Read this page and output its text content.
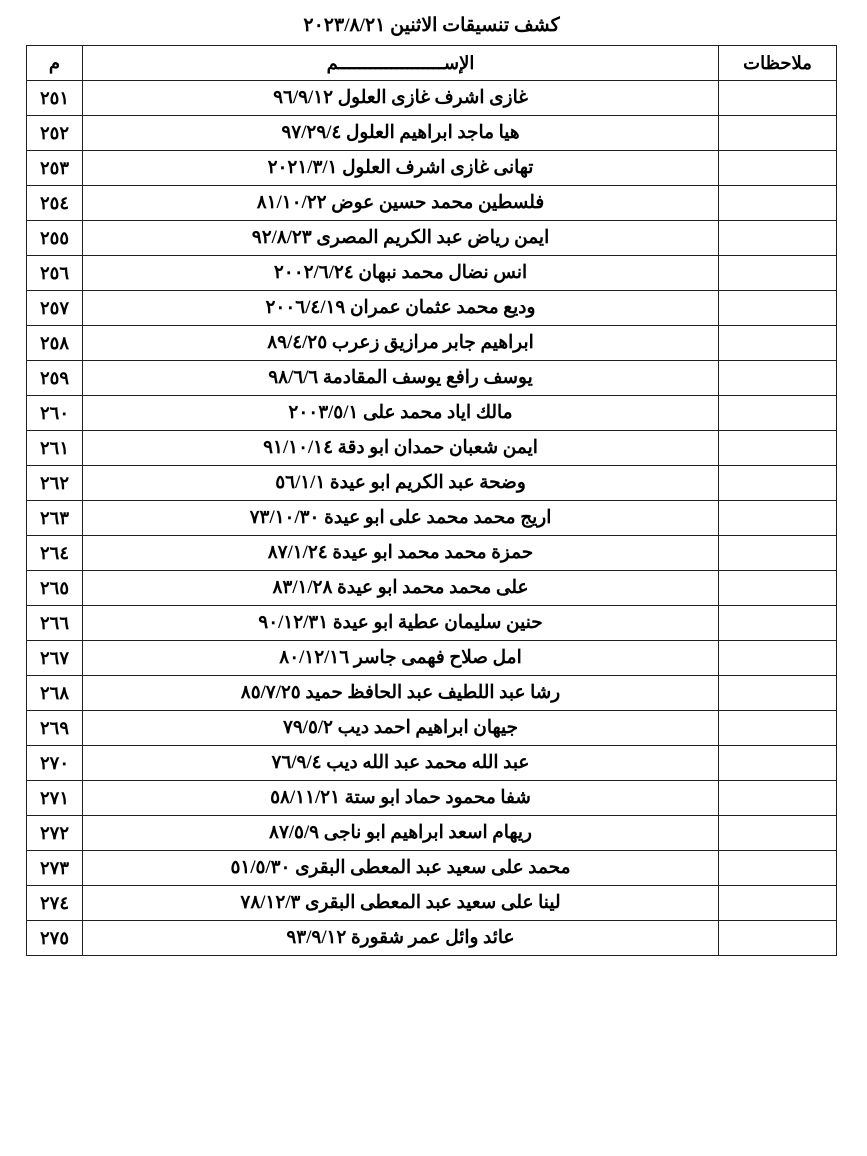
كشف تنسيقات الاثنين ٢٠٢٣/٨/٢١
ملاحظات	الإســــــــــــــــــــم	م
	غازى اشرف غازى العلول ٩٦/٩/١٢	٢٥١
	هيا ماجد ابراهيم العلول ٩٧/٢٩/٤	٢٥٢
	تهانى غازى اشرف العلول ٢٠٢١/٣/١	٢٥٣
	فلسطين محمد حسين عوض ٨١/١٠/٢٢	٢٥٤
	ايمن رياض عبد الكريم المصرى ٩٢/٨/٢٣	٢٥٥
	انس نضال محمد نبهان ٢٠٠٢/٦/٢٤	٢٥٦
	وديع محمد عثمان عمران ٢٠٠٦/٤/١٩	٢٥٧
	ابراهيم جابر مرازيق زعرب ٨٩/٤/٢٥	٢٥٨
	يوسف رافع يوسف المقادمة ٩٨/٦/٦	٢٥٩
	مالك اياد محمد على ٢٠٠٣/٥/١	٢٦٠
	ايمن شعبان حمدان ابو دقة ٩١/١٠/١٤	٢٦١
	وضحة عبد الكريم ابو عيدة ٥٦/١/١	٢٦٢
	اريج محمد محمد على ابو عيدة ٧٣/١٠/٣٠	٢٦٣
	حمزة محمد محمد ابو عيدة ٨٧/١/٢٤	٢٦٤
	على محمد محمد ابو عيدة ٨٣/١/٢٨	٢٦٥
	حنين سليمان عطية ابو عيدة ٩٠/١٢/٣١	٢٦٦
	امل صلاح فهمى جاسر ٨٠/١٢/١٦	٢٦٧
	رشا عبد اللطيف عبد الحافظ حميد ٨٥/٧/٢٥	٢٦٨
	جيهان ابراهيم احمد ديب ٧٩/٥/٢	٢٦٩
	عبد الله محمد عبد الله ديب ٧٦/٩/٤	٢٧٠
	شفا محمود حماد ابو ستة ٥٨/١١/٢١	٢٧١
	ريهام اسعد ابراهيم ابو ناجى ٨٧/٥/٩	٢٧٢
	محمد على سعيد عبد المعطى البقرى ٥١/٥/٣٠	٢٧٣
	لينا على سعيد عبد المعطى البقرى ٧٨/١٢/٣	٢٧٤
	عائد وائل عمر شقورة ٩٣/٩/١٢	٢٧٥
